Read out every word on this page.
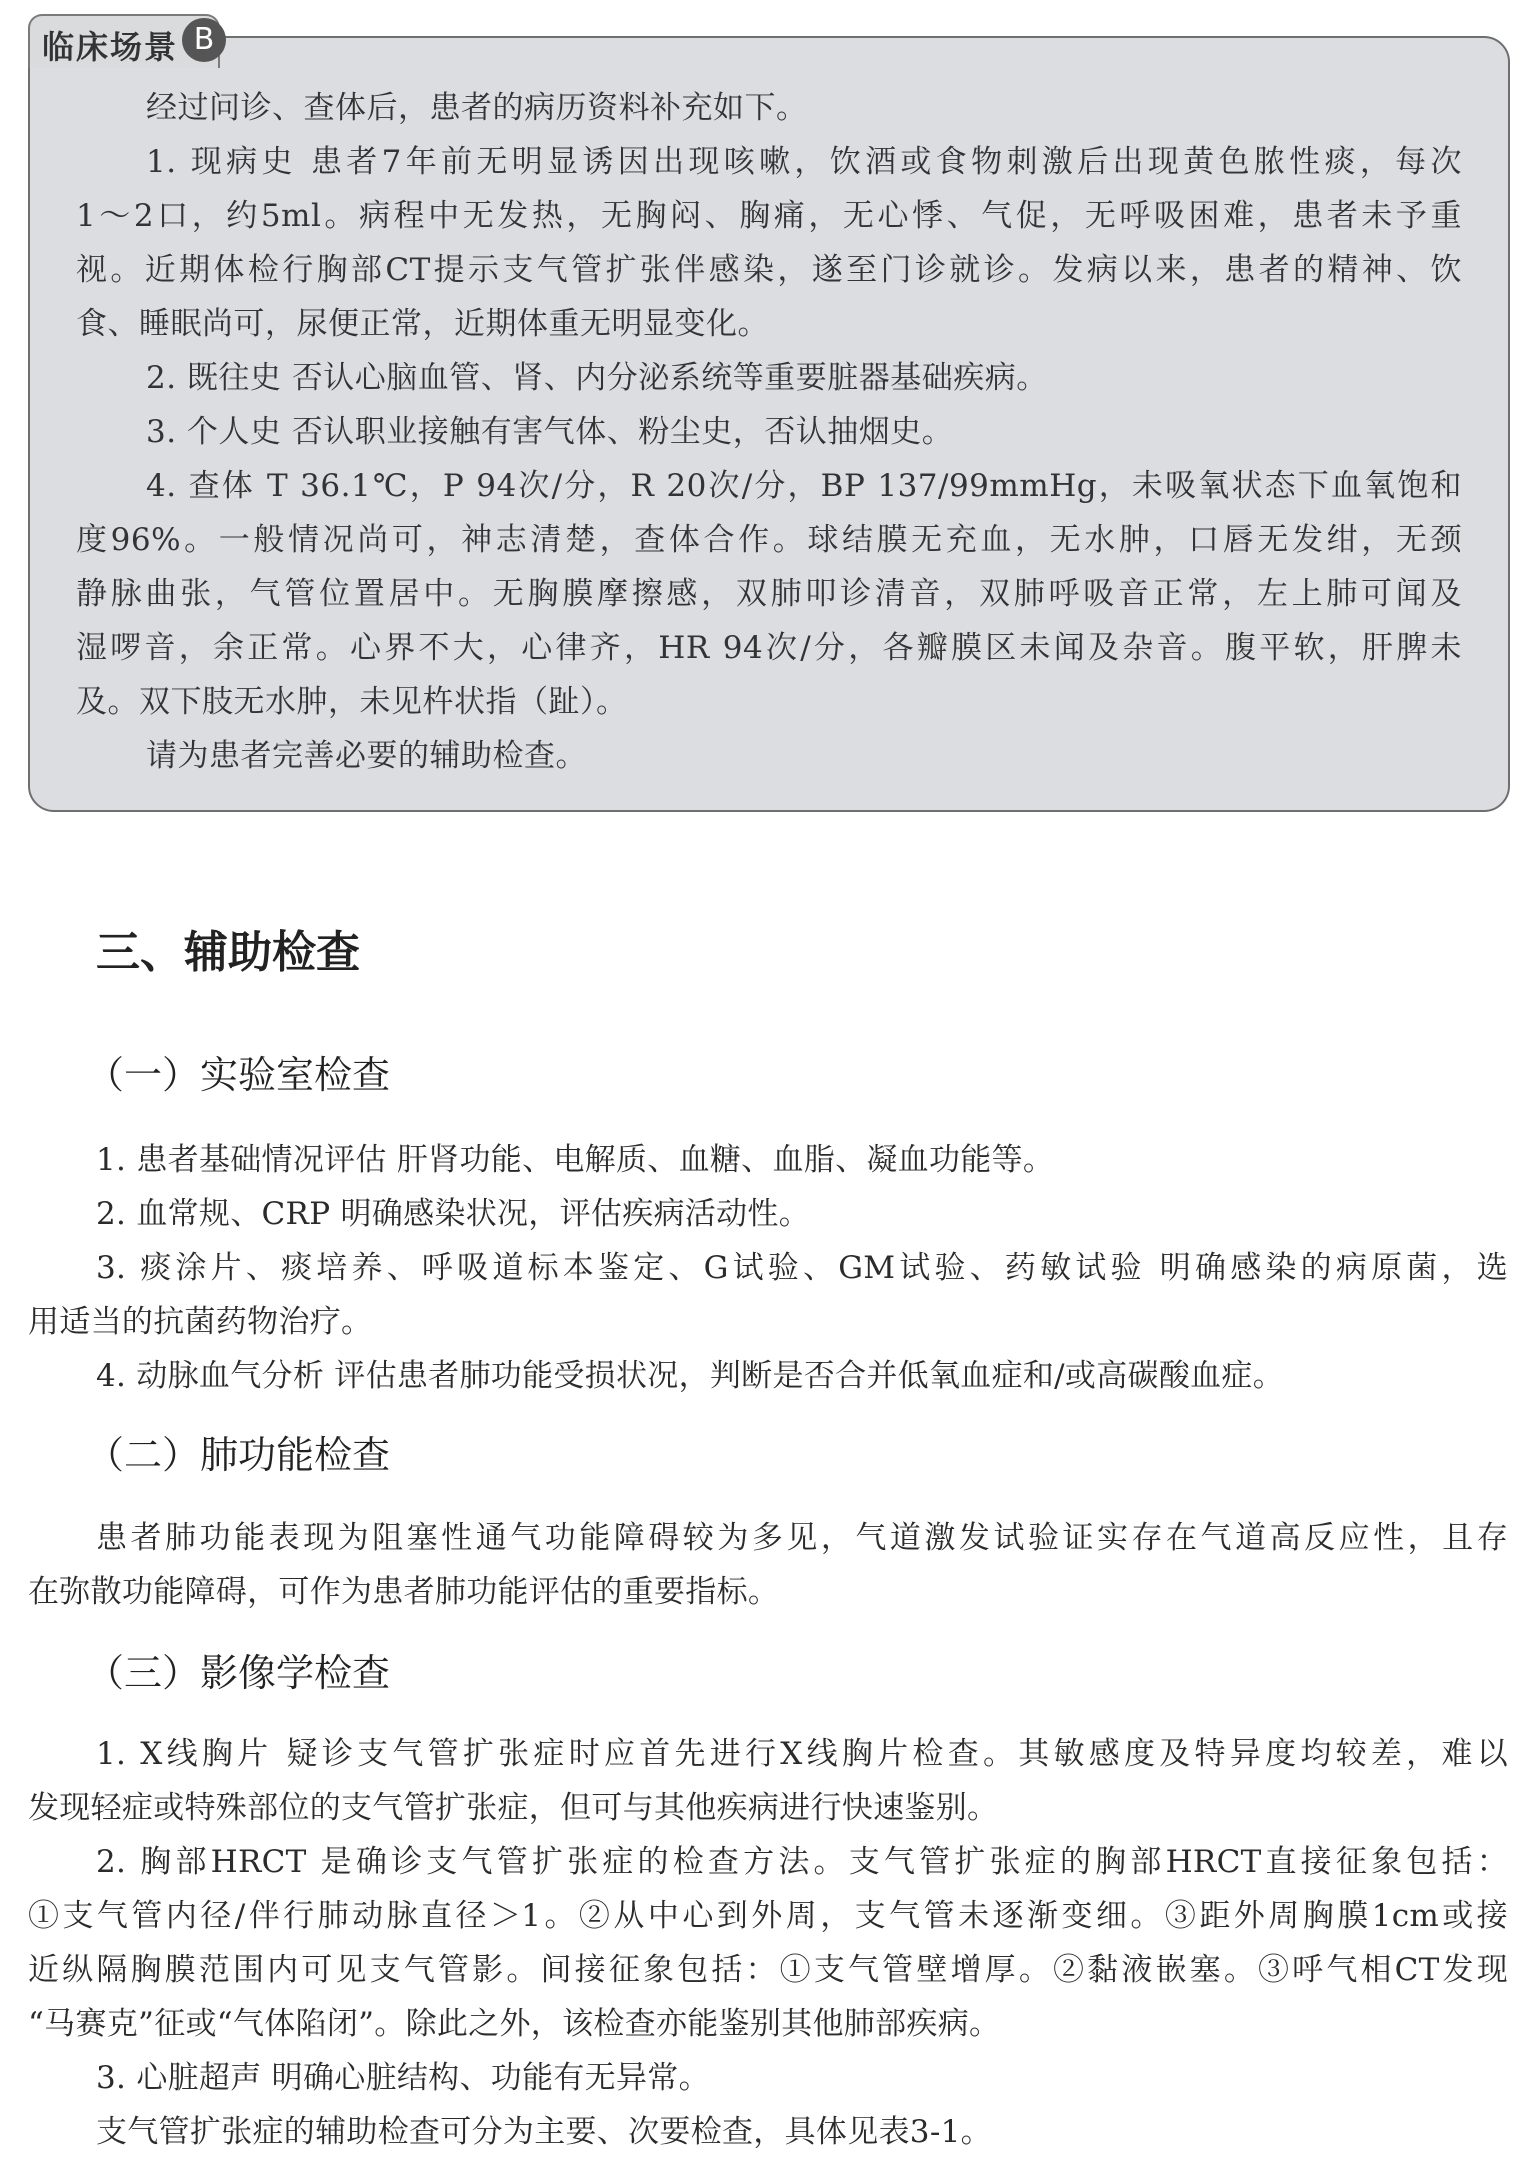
临床场景 B
经过问诊、查体后，患者的病历资料补充如下。
1. 现病史 患者7年前无明显诱因出现咳嗽，饮酒或食物刺激后出现黄色脓性痰，每次
1～2口，约5ml。病程中无发热，无胸闷、胸痛，无心悸、气促，无呼吸困难，患者未予重
视。近期体检行胸部CT提示支气管扩张伴感染，遂至门诊就诊。发病以来，患者的精神、饮
食、睡眠尚可，尿便正常，近期体重无明显变化。
2. 既往史 否认心脑血管、肾、内分泌系统等重要脏器基础疾病。
3. 个人史 否认职业接触有害气体、粉尘史，否认抽烟史。
4. 查体 T 36.1℃，P 94次/分，R 20次/分，BP 137/99mmHg，未吸氧状态下血氧饱和
度96%。一般情况尚可，神志清楚，查体合作。球结膜无充血，无水肿，口唇无发绀，无颈
静脉曲张，气管位置居中。无胸膜摩擦感，双肺叩诊清音，双肺呼吸音正常，左上肺可闻及
湿啰音，余正常。心界不大，心律齐，HR 94次/分，各瓣膜区未闻及杂音。腹平软，肝脾未
及。双下肢无水肿，未见杵状指（趾）。
请为患者完善必要的辅助检查。
三、辅助检查
（一）实验室检查
1. 患者基础情况评估 肝肾功能、电解质、血糖、血脂、凝血功能等。
2. 血常规、CRP 明确感染状况，评估疾病活动性。
3. 痰涂片、痰培养、呼吸道标本鉴定、G试验、GM试验、药敏试验 明确感染的病原菌，选
用适当的抗菌药物治疗。
4. 动脉血气分析 评估患者肺功能受损状况，判断是否合并低氧血症和/或高碳酸血症。
（二）肺功能检查
患者肺功能表现为阻塞性通气功能障碍较为多见，气道激发试验证实存在气道高反应性，且存
在弥散功能障碍，可作为患者肺功能评估的重要指标。
（三）影像学检查
1. X线胸片 疑诊支气管扩张症时应首先进行X线胸片检查。其敏感度及特异度均较差，难以
发现轻症或特殊部位的支气管扩张症，但可与其他疾病进行快速鉴别。
2. 胸部HRCT 是确诊支气管扩张症的检查方法。支气管扩张症的胸部HRCT直接征象包括：
①支气管内径/伴行肺动脉直径＞1。②从中心到外周，支气管未逐渐变细。③距外周胸膜1cm或接
近纵隔胸膜范围内可见支气管影。间接征象包括：①支气管壁增厚。②黏液嵌塞。③呼气相CT发现
“马赛克”征或“气体陷闭”。除此之外，该检查亦能鉴别其他肺部疾病。
3. 心脏超声 明确心脏结构、功能有无异常。
支气管扩张症的辅助检查可分为主要、次要检查，具体见表3-1。
